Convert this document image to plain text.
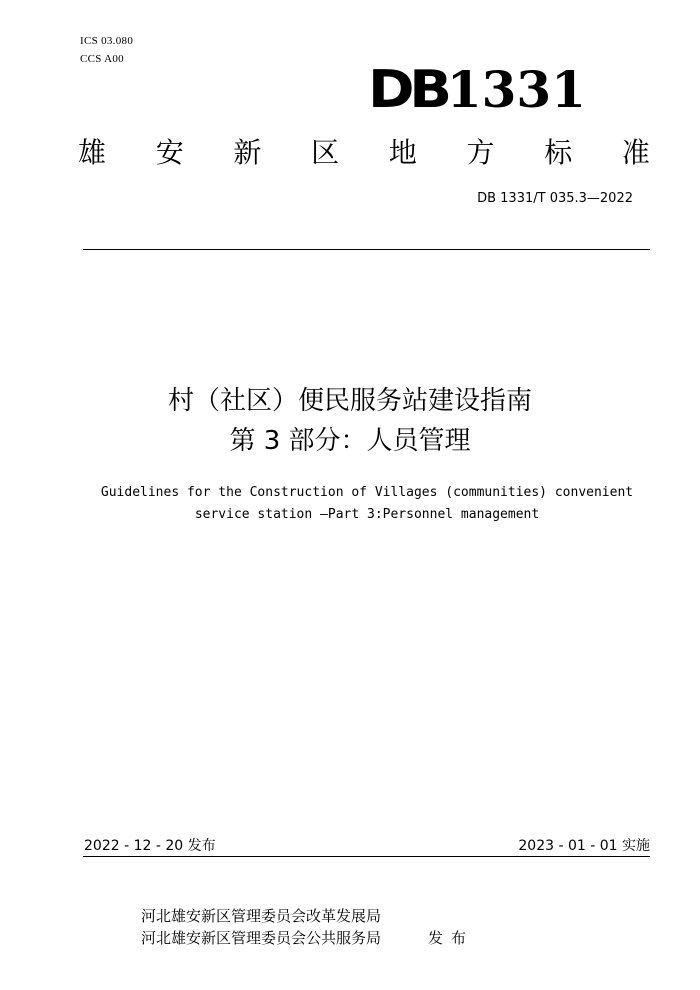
ICS 03.080
CCS A00
DB1331
雄 安 新 区 地 方 标 准
DB 1331/T 035.3—2022
村（社区）便民服务站建设指南
第 3 部分：人员管理
Guidelines for the Construction of Villages (communities) convenient
service station —Part 3:Personnel management
2022 - 12 - 20 发布	2023 - 01 - 01 实施
河北雄安新区管理委员会改革发展局
河北雄安新区管理委员会公共服务局	发布
